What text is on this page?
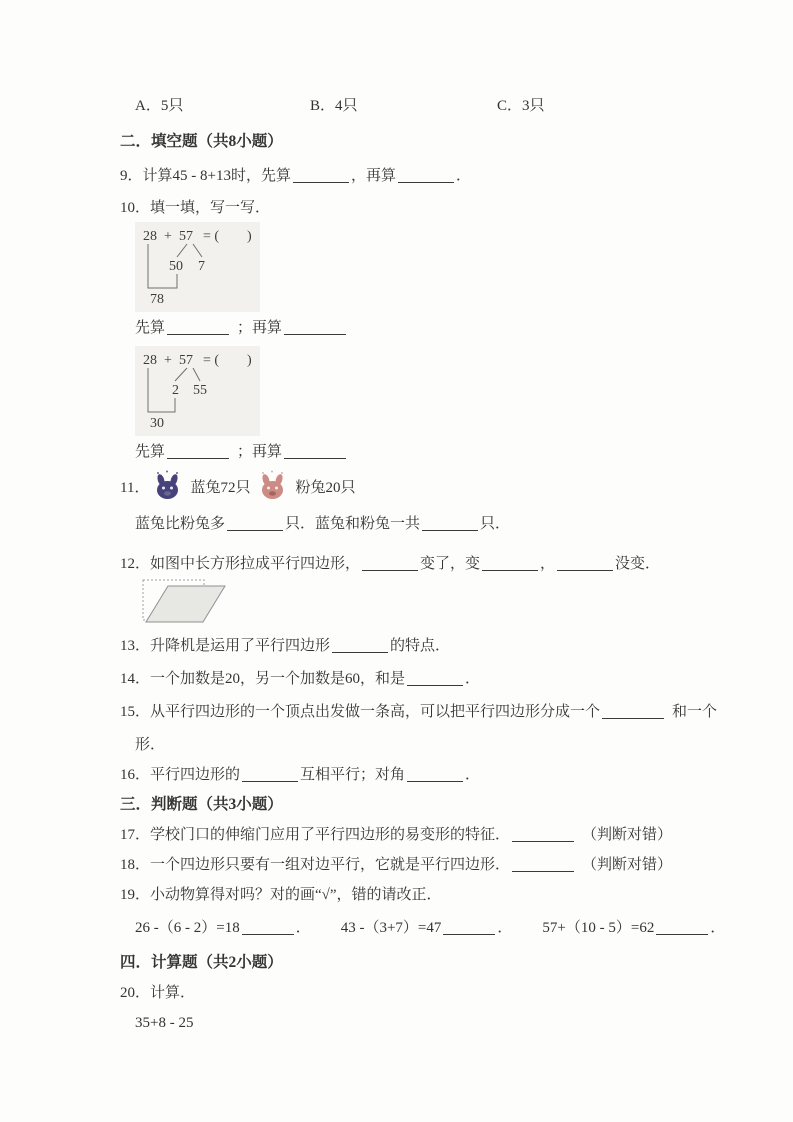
A．5只	B．4只	C．3只
二．填空题（共8小题）

9．计算45 - 8+13时，先算	，再算	．

10．填一填，写一写．

28 + 57 = ( )
50 7
78

先算	；再算

28 + 57 = ( )
2 55
30

先算	；再算

11．	蓝兔72只	粉兔20只

蓝兔比粉兔多	只．蓝兔和粉兔一共	只．

12．如图中长方形拉成平行四边形，	变了，变	，	没变．

13．升降机是运用了平行四边形	的特点．

14．一个加数是20，另一个加数是60，和是	．

15．从平行四边形的一个顶点出发做一条高，可以把平行四边形分成一个	和一个

形．

16．平行四边形的	互相平行；对角	．

三．判断题（共3小题）

17．学校门口的伸缩门应用了平行四边形的易变形的特征．	（判断对错）

18．一个四边形只要有一组对边平行，它就是平行四边形．	（判断对错）

19．小动物算得对吗？对的画“√”，错的请改正．

26 -（6 - 2）=18	． 43 -（3+7）=47	． 57+（10 - 5）=62	．

四．计算题（共2小题）

20．计算．

35+8 - 25
